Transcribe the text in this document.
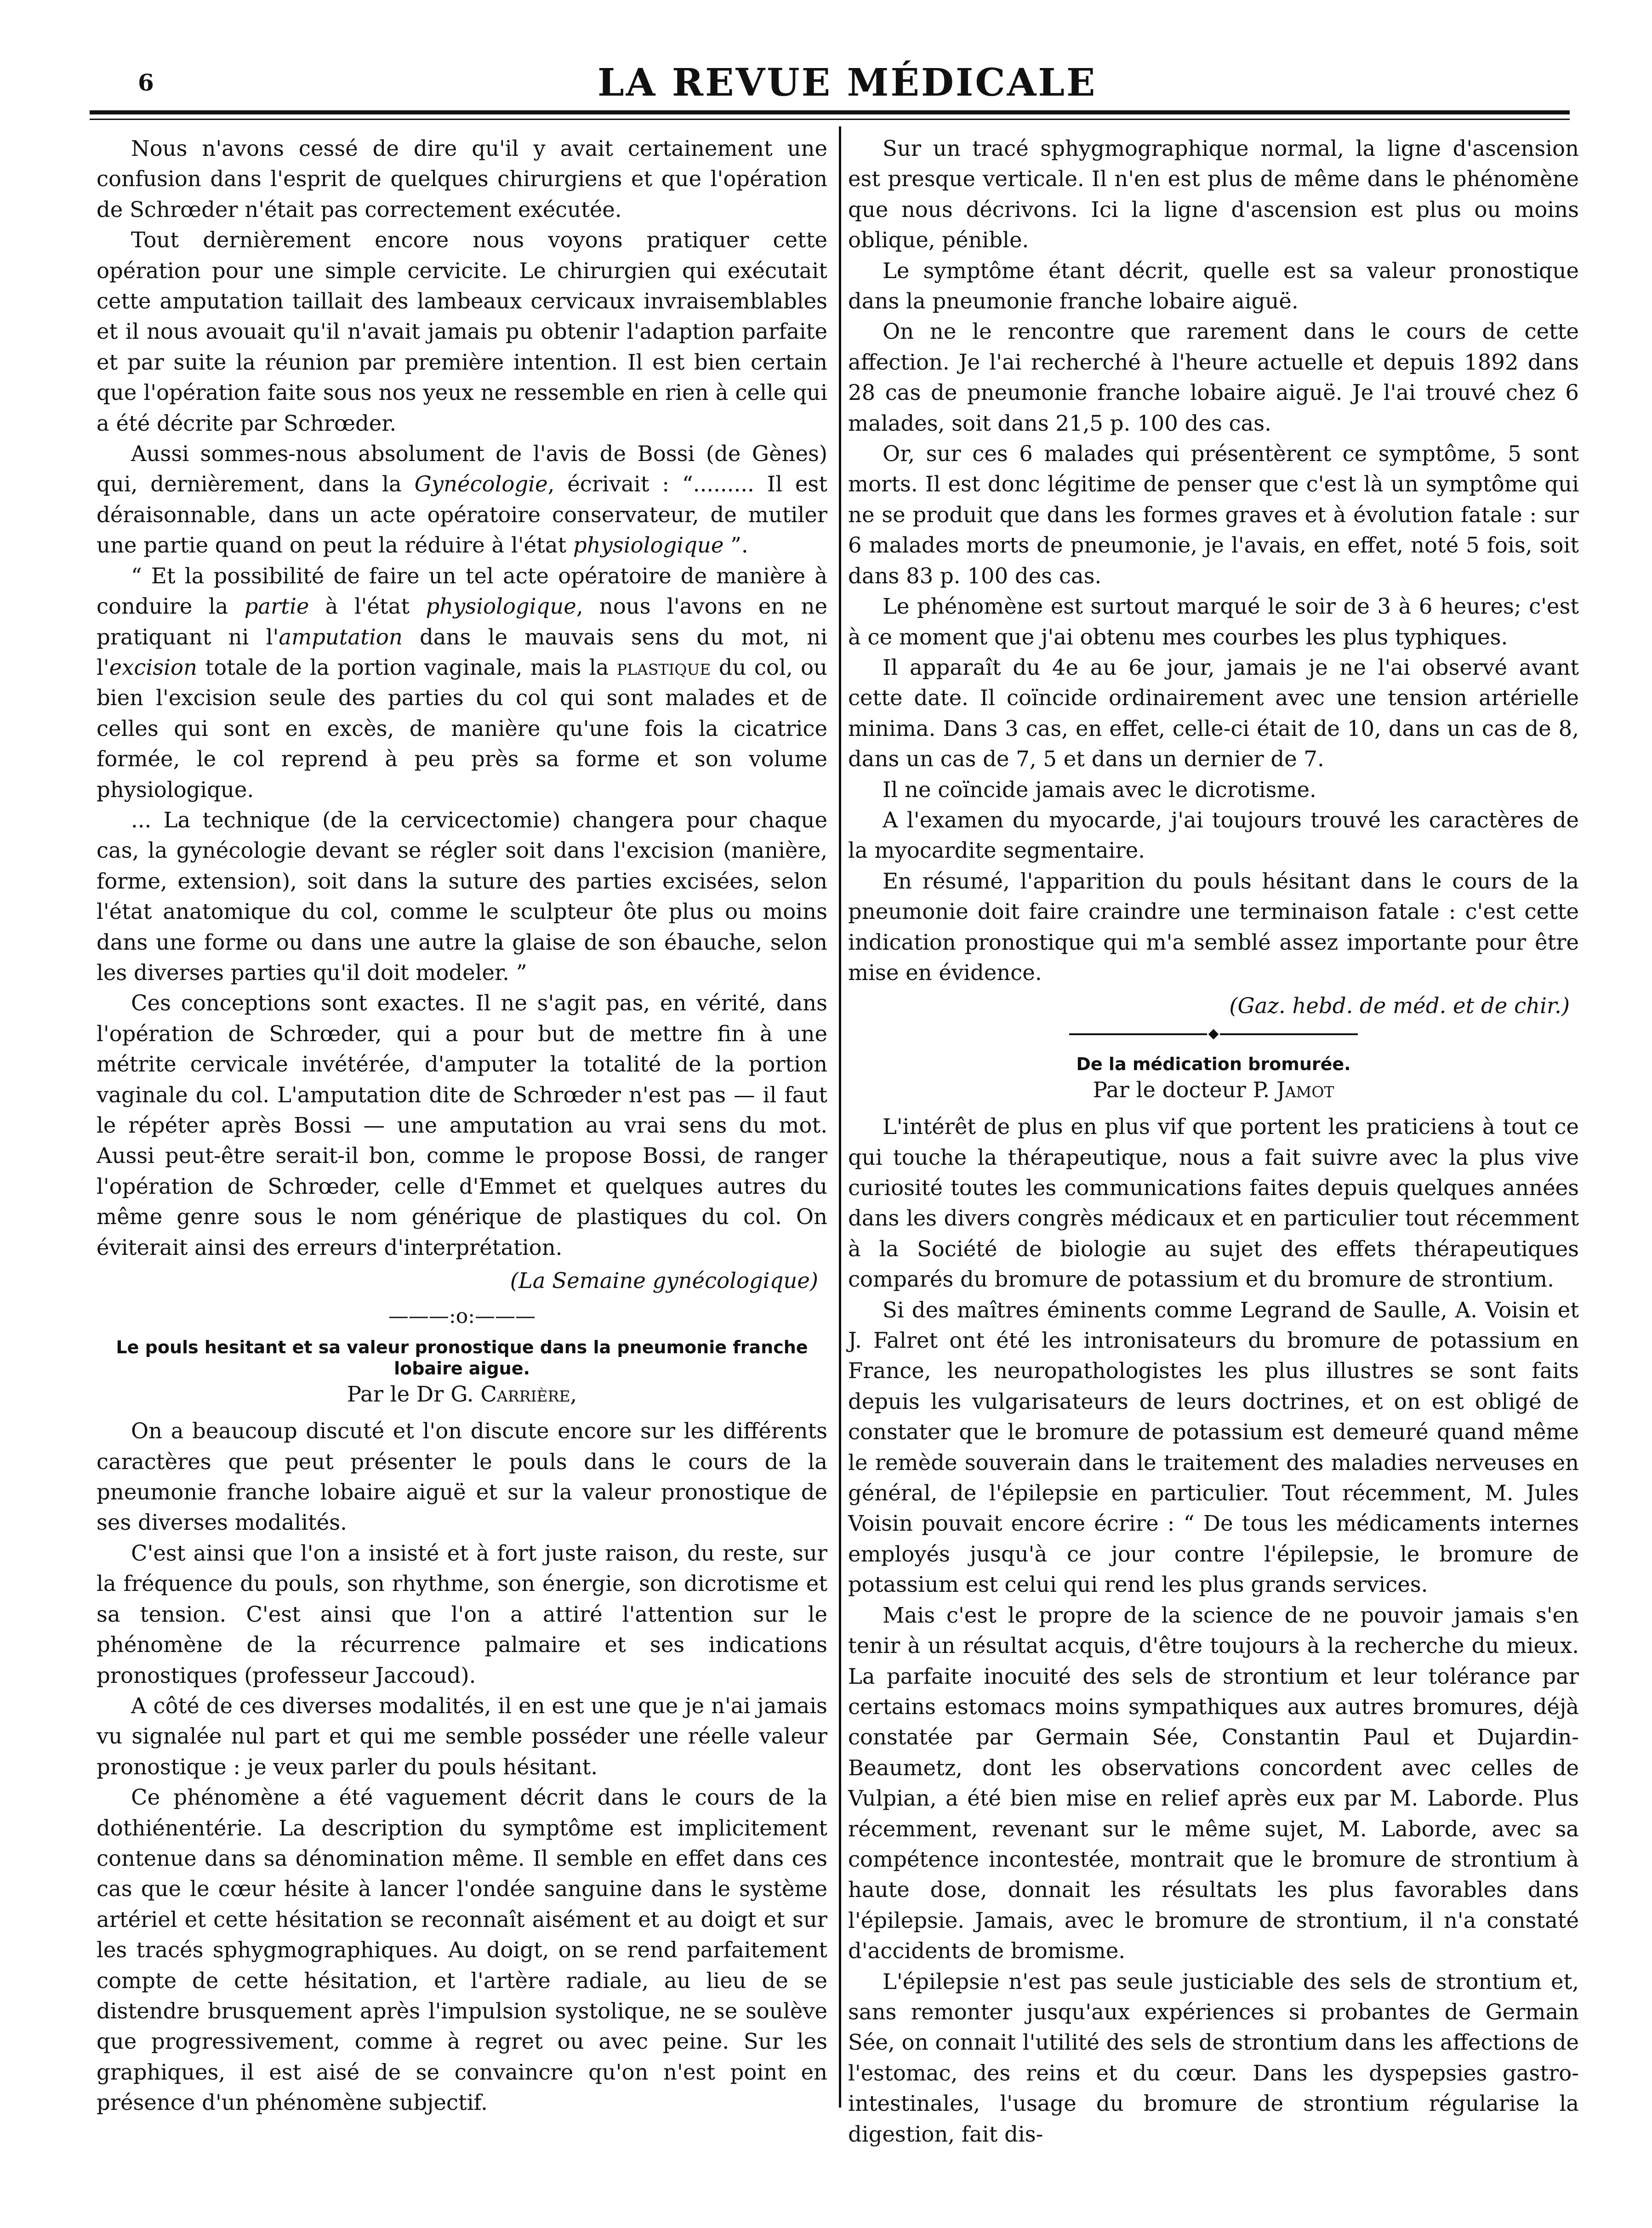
6	LA REVUE MÉDICALE

Nous n'avons cessé de dire qu'il y avait certainement une confusion dans l'esprit de quelques chirurgiens et que l'opération de Schrœder n'était pas correctement exécutée.

Tout dernièrement encore nous voyons pratiquer cette opération pour une simple cervicite. Le chirurgien qui exécutait cette amputation taillait des lambeaux cervicaux invraisemblables et il nous avouait qu'il n'avait jamais pu obtenir l'adaption parfaite et par suite la réunion par première intention. Il est bien certain que l'opération faite sous nos yeux ne ressemble en rien à celle qui a été décrite par Schrœder.

Aussi sommes-nous absolument de l'avis de Bossi (de Gènes) qui, dernièrement, dans la Gynécologie, écrivait : “......... Il est déraisonnable, dans un acte opératoire conservateur, de mutiler une partie quand on peut la réduire à l'état physiologique ”.

“ Et la possibilité de faire un tel acte opératoire de manière à conduire la partie à l'état physiologique, nous l'avons en ne pratiquant ni l'amputation dans le mauvais sens du mot, ni l'excision totale de la portion vaginale, mais la plastique du col, ou bien l'excision seule des parties du col qui sont malades et de celles qui sont en excès, de manière qu'une fois la cicatrice formée, le col reprend à peu près sa forme et son volume physiologique.

... La technique (de la cervicectomie) changera pour chaque cas, la gynécologie devant se régler soit dans l'excision (manière, forme, extension), soit dans la suture des parties excisées, selon l'état anatomique du col, comme le sculpteur ôte plus ou moins dans une forme ou dans une autre la glaise de son ébauche, selon les diverses parties qu'il doit modeler. ”

Ces conceptions sont exactes. Il ne s'agit pas, en vérité, dans l'opération de Schrœder, qui a pour but de mettre fin à une métrite cervicale invétérée, d'amputer la totalité de la portion vaginale du col. L'amputation dite de Schrœder n'est pas — il faut le répéter après Bossi — une amputation au vrai sens du mot. Aussi peut-être serait-il bon, comme le propose Bossi, de ranger l'opération de Schrœder, celle d'Emmet et quelques autres du même genre sous le nom générique de plastiques du col. On éviterait ainsi des erreurs d'interprétation.

(La Semaine gynécologique)

———:o:———

Le pouls hesitant et sa valeur pronostique dans la pneumonie franche lobaire aigue.

Par le Dr G. Carrière,

On a beaucoup discuté et l'on discute encore sur les différents caractères que peut présenter le pouls dans le cours de la pneumonie franche lobaire aiguë et sur la valeur pronostique de ses diverses modalités.

C'est ainsi que l'on a insisté et à fort juste raison, du reste, sur la fréquence du pouls, son rhythme, son énergie, son dicrotisme et sa tension. C'est ainsi que l'on a attiré l'attention sur le phénomène de la récurrence palmaire et ses indications pronostiques (professeur Jaccoud).

A côté de ces diverses modalités, il en est une que je n'ai jamais vu signalée nul part et qui me semble posséder une réelle valeur pronostique : je veux parler du pouls hésitant.

Ce phénomène a été vaguement décrit dans le cours de la dothiénentérie. La description du symptôme est implicitement contenue dans sa dénomination même. Il semble en effet dans ces cas que le cœur hésite à lancer l'ondée sanguine dans le système artériel et cette hésitation se reconnaît aisément et au doigt et sur les tracés sphygmographiques. Au doigt, on se rend parfaitement compte de cette hésitation, et l'artère radiale, au lieu de se distendre brusquement après l'impulsion systolique, ne se soulève que progressivement, comme à regret ou avec peine. Sur les graphiques, il est aisé de se convaincre qu'on n'est point en présence d'un phénomène subjectif.

Sur un tracé sphygmographique normal, la ligne d'ascension est presque verticale. Il n'en est plus de même dans le phénomène que nous décrivons. Ici la ligne d'ascension est plus ou moins oblique, pénible.

Le symptôme étant décrit, quelle est sa valeur pronostique dans la pneumonie franche lobaire aiguë.

On ne le rencontre que rarement dans le cours de cette affection. Je l'ai recherché à l'heure actuelle et depuis 1892 dans 28 cas de pneumonie franche lobaire aiguë. Je l'ai trouvé chez 6 malades, soit dans 21,5 p. 100 des cas.

Or, sur ces 6 malades qui présentèrent ce symptôme, 5 sont morts. Il est donc légitime de penser que c'est là un symptôme qui ne se produit que dans les formes graves et à évolution fatale : sur 6 malades morts de pneumonie, je l'avais, en effet, noté 5 fois, soit dans 83 p. 100 des cas.

Le phénomène est surtout marqué le soir de 3 à 6 heures; c'est à ce moment que j'ai obtenu mes courbes les plus typhiques.

Il apparaît du 4e au 6e jour, jamais je ne l'ai observé avant cette date. Il coïncide ordinairement avec une tension artérielle minima. Dans 3 cas, en effet, celle-ci était de 10, dans un cas de 8, dans un cas de 7, 5 et dans un dernier de 7.

Il ne coïncide jamais avec le dicrotisme.

A l'examen du myocarde, j'ai toujours trouvé les caractères de la myocardite segmentaire.

En résumé, l'apparition du pouls hésitant dans le cours de la pneumonie doit faire craindre une terminaison fatale : c'est cette indication pronostique qui m'a semblé assez importante pour être mise en évidence.

(Gaz. hebd. de méd. et de chir.)

De la médication bromurée.

Par le docteur P. Jamot

L'intérêt de plus en plus vif que portent les praticiens à tout ce qui touche la thérapeutique, nous a fait suivre avec la plus vive curiosité toutes les communications faites depuis quelques années dans les divers congrès médicaux et en particulier tout récemment à la Société de biologie au sujet des effets thérapeutiques comparés du bromure de potassium et du bromure de strontium.

Si des maîtres éminents comme Legrand de Saulle, A. Voisin et J. Falret ont été les intronisateurs du bromure de potassium en France, les neuropathologistes les plus illustres se sont faits depuis les vulgarisateurs de leurs doctrines, et on est obligé de constater que le bromure de potassium est demeuré quand même le remède souverain dans le traitement des maladies nerveuses en général, de l'épilepsie en particulier. Tout récemment, M. Jules Voisin pouvait encore écrire : “ De tous les médicaments internes employés jusqu'à ce jour contre l'épilepsie, le bromure de potassium est celui qui rend les plus grands services.

Mais c'est le propre de la science de ne pouvoir jamais s'en tenir à un résultat acquis, d'être toujours à la recherche du mieux. La parfaite inocuité des sels de strontium et leur tolérance par certains estomacs moins sympathiques aux autres bromures, déjà constatée par Germain Sée, Constantin Paul et Dujardin-Beaumetz, dont les observations concordent avec celles de Vulpian, a été bien mise en relief après eux par M. Laborde. Plus récemment, revenant sur le même sujet, M. Laborde, avec sa compétence incontestée, montrait que le bromure de strontium à haute dose, donnait les résultats les plus favorables dans l'épilepsie. Jamais, avec le bromure de strontium, il n'a constaté d'accidents de bromisme.

L'épilepsie n'est pas seule justiciable des sels de strontium et, sans remonter jusqu'aux expériences si probantes de Germain Sée, on connait l'utilité des sels de strontium dans les affections de l'estomac, des reins et du cœur. Dans les dyspepsies gastro-intestinales, l'usage du bromure de strontium régularise la digestion, fait dis-
